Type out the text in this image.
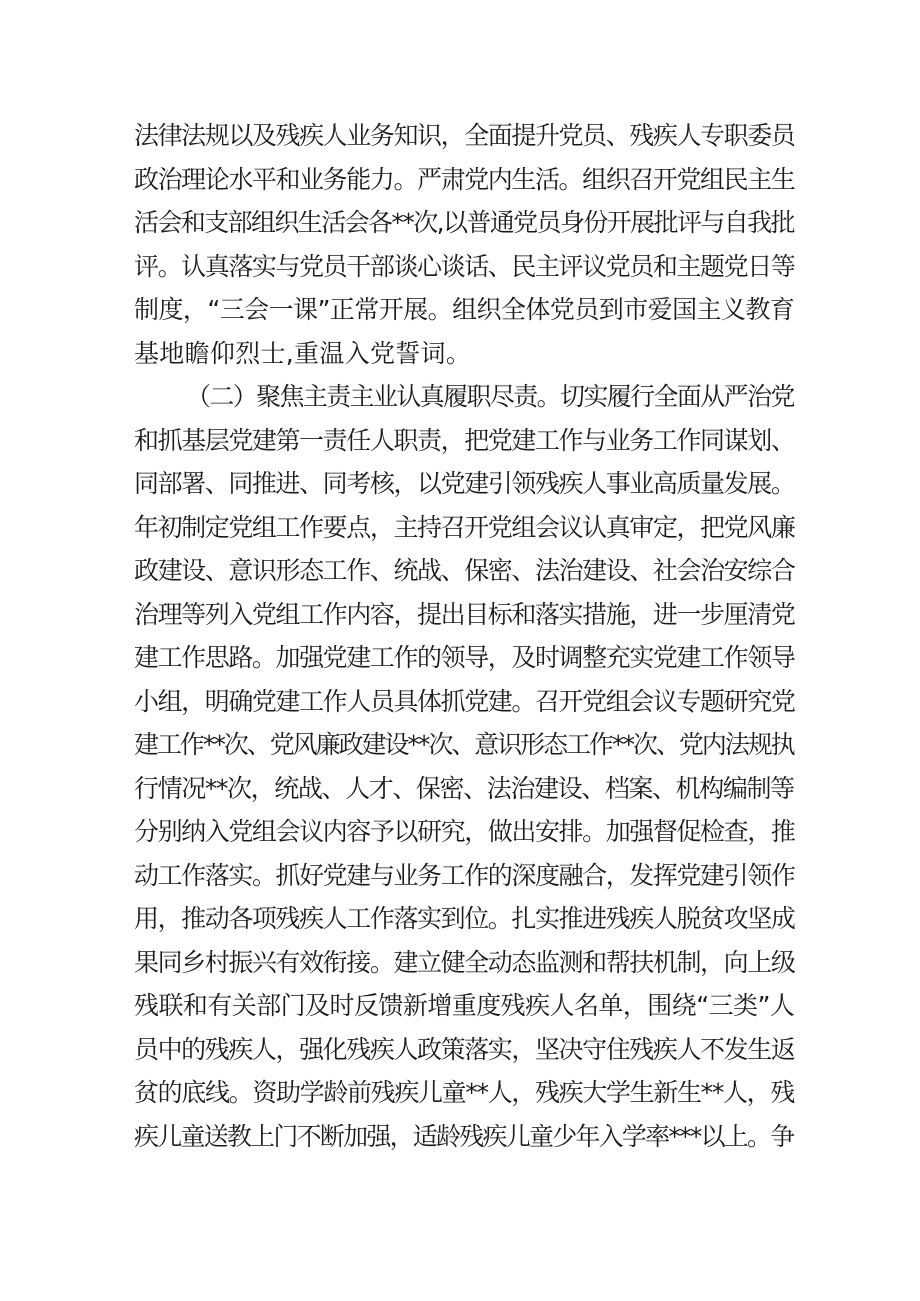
法律法规以及残疾人业务知识，全面提升党员、残疾人专职委员
政治理论水平和业务能力。严肃党内生活。组织召开党组民主生
活会和支部组织生活会各**次,以普通党员身份开展批评与自我批
评。认真落实与党员干部谈心谈话、民主评议党员和主题党日等
制度，“三会一课”正常开展。组织全体党员到市爱国主义教育
基地瞻仰烈士,重温入党誓词。
（二）聚焦主责主业认真履职尽责。切实履行全面从严治党
和抓基层党建第一责任人职责，把党建工作与业务工作同谋划、
同部署、同推进、同考核，以党建引领残疾人事业高质量发展。
年初制定党组工作要点，主持召开党组会议认真审定，把党风廉
政建设、意识形态工作、统战、保密、法治建设、社会治安综合
治理等列入党组工作内容，提出目标和落实措施，进一步厘清党
建工作思路。加强党建工作的领导，及时调整充实党建工作领导
小组，明确党建工作人员具体抓党建。召开党组会议专题研究党
建工作**次、党风廉政建设**次、意识形态工作**次、党内法规执
行情况**次，统战、人才、保密、法治建设、档案、机构编制等
分别纳入党组会议内容予以研究，做出安排。加强督促检查，推
动工作落实。抓好党建与业务工作的深度融合，发挥党建引领作
用，推动各项残疾人工作落实到位。扎实推进残疾人脱贫攻坚成
果同乡村振兴有效衔接。建立健全动态监测和帮扶机制，向上级
残联和有关部门及时反馈新增重度残疾人名单，围绕“三类”人
员中的残疾人，强化残疾人政策落实，坚决守住残疾人不发生返
贫的底线。资助学龄前残疾儿童**人，残疾大学生新生**人，残
疾儿童送教上门不断加强，适龄残疾儿童少年入学率***以上。争
